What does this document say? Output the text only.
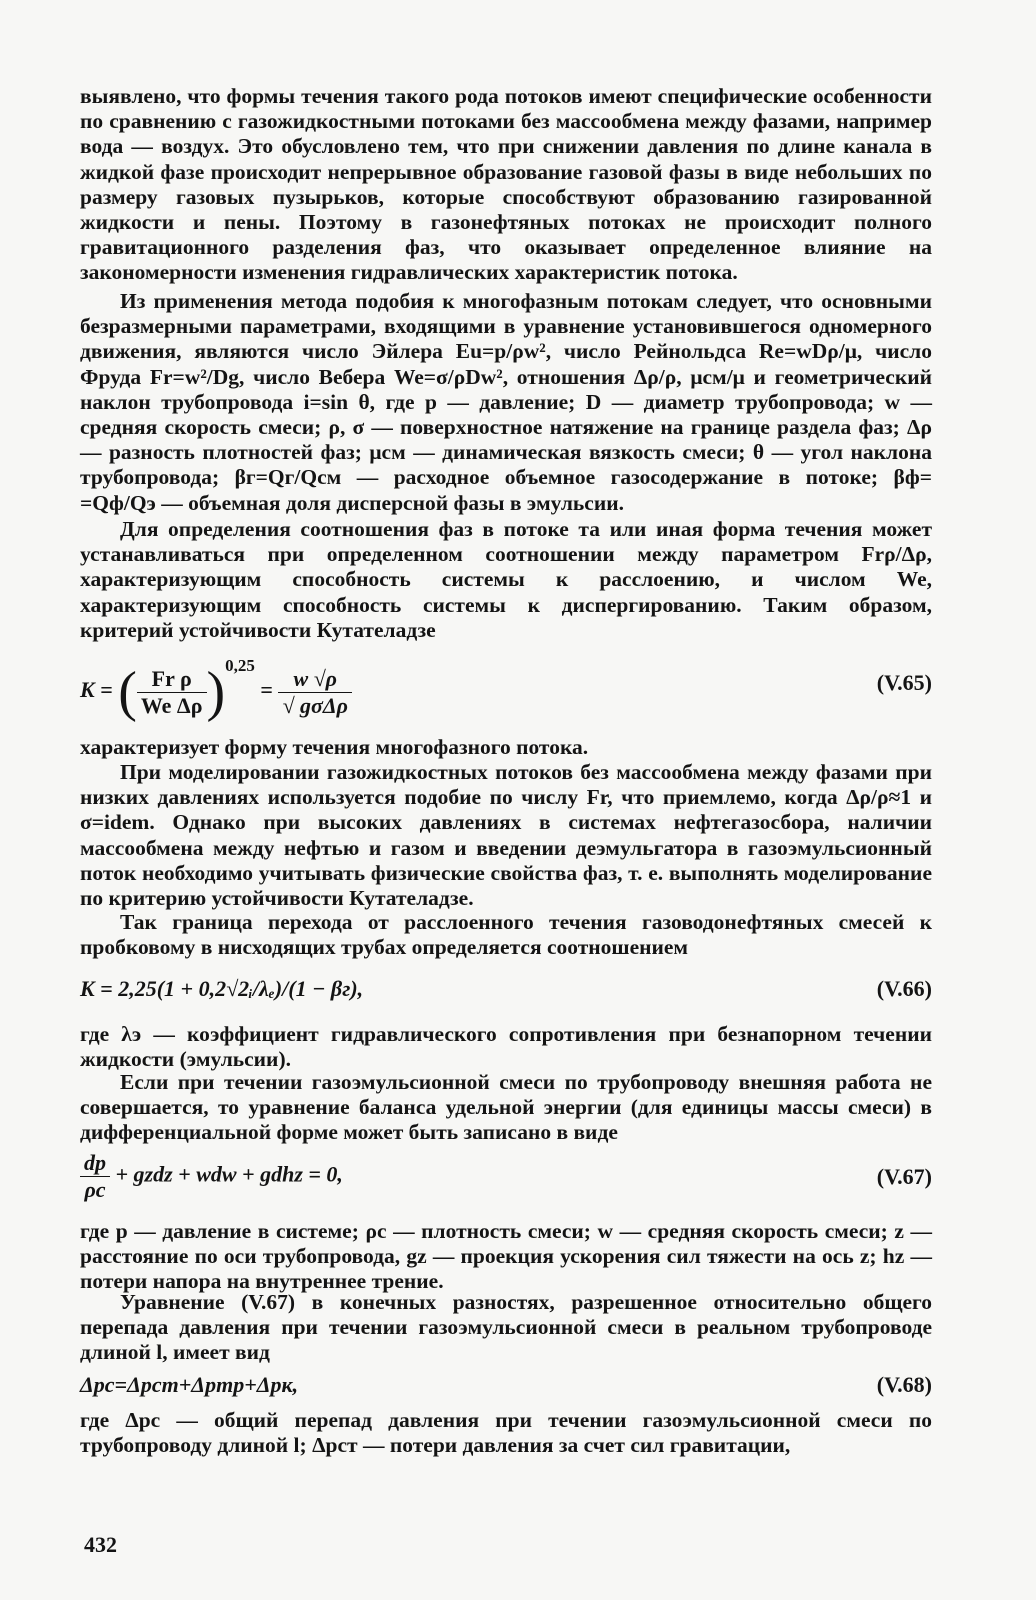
выявлено, что формы течения такого рода потоков имеют специфические особенности по сравнению с газожидкостными потоками без массообмена между фазами, например вода — воздух. Это обусловлено тем, что при снижении давления по длине канала в жидкой фазе происходит непрерывное образование газовой фазы в виде небольших по размеру газовых пузырьков, которые способствуют образованию газированной жидкости и пены. Поэтому в газонефтяных потоках не происходит полного гравитационного разделения фаз, что оказывает определенное влияние на закономерности изменения гидравлических характеристик потока.

Из применения метода подобия к многофазным потокам следует, что основными безразмерными параметрами, входящими в уравнение установившегося одномерного движения, являются число Эйлера Eu=p/ρw², число Рейнольдса Re=wDρ/μ, число Фруда Fr=w²/Dg, число Вебера We=σ/ρDw², отношения Δρ/ρ, μсм/μ и геометрический наклон трубопровода i=sin θ, где p — давление; D — диаметр трубопровода; w — средняя скорость смеси; ρ, σ — поверхностное натяжение на границе раздела фаз; Δρ — разность плотностей фаз; μсм — динамическая вязкость смеси; θ — угол наклона трубопровода; βг=Qг/Qсм — расходное объемное газосодержание в потоке; βф= =Qф/Qэ — объемная доля дисперсной фазы в эмульсии.

Для определения соотношения фаз в потоке та или иная форма течения может устанавливаться при определенном соотношении между параметром Frρ/Δρ, характеризующим способность системы к расслоению, и числом We, характеризующим способность системы к диспергированию. Таким образом, критерий устойчивости Кутателадзе

K = ( $\frac{\text{Fr ρ}}{\text{We Δρ}} )^{0,25} = \frac{w √\rho}{\text{√ gσΔρ}}$	(V.65)

характеризует форму течения многофазного потока.

При моделировании газожидкостных потоков без массообмена между фазами при низких давлениях используется подобие по числу Fr, что приемлемо, когда Δρ/ρ≈1 и σ=idem. Однако при высоких давлениях в системах нефтегазосбора, наличии массообмена между нефтью и газом и введении деэмульгатора в газоэмульсионный поток необходимо учитывать физические свойства фаз, т. е. выполнять моделирование по критерию устойчивости Кутателадзе.

Так граница перехода от расслоенного течения газоводонефтяных смесей к пробковому в нисходящих трубах определяется соотношением

K = 2,25(1 + 0,2√2ᵢ/λₑ)/(1 − βг),	(V.66)

где λэ — коэффициент гидравлического сопротивления при безнапорном течении жидкости (эмульсии).

Если при течении газоэмульсионной смеси по трубопроводу внешняя работа не совершается, то уравнение баланса удельной энергии (для единицы массы смеси) в дифференциальной форме может быть записано в виде

$\frac{dp}{\rho c}$ + gzdz + wdw + gdhz = 0,	(V.67)

где p — давление в системе; ρс — плотность смеси; w — средняя скорость смеси; z — расстояние по оси трубопровода, gz — проекция ускорения сил тяжести на ось z; hz — потери напора на внутреннее трение.

Уравнение (V.67) в конечных разностях, разрешенное относительно общего перепада давления при течении газоэмульсионной смеси в реальном трубопроводе длиной l, имеет вид

Δpc=Δpст+Δpтр+Δpк,	(V.68)

где Δpс — общий перепад давления при течении газоэмульсионной смеси по трубопроводу длиной l; Δpст — потери давления за счет сил гравитации,

432
